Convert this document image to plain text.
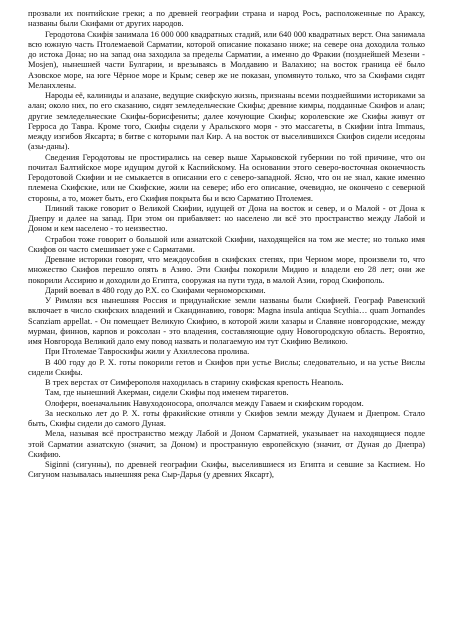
прозвали их понтийские греки; а по древней географии страна и народ Росъ, расположенные по Араксу, названы были Скифами от других народов.

Геродотова Скифія занимала 16 000 000 квадратных стадий, или 640 000 квадратных верст. Она занимала всю южную часть Птолемаевой Сарматии, которой описание показано ниже; на севере она доходила только до истока Дона; но на запад она заходила за пределы Сарматии, а именно до Фракии (позднейшей Мезени - Mosjen), нынешней части Булгарии, и врезываясь в Молдавию и Валахию; на восток граница её было Азовское море, на юге Чёрное море и Крым; север же не показан, упомянуто только, что за Скифами сидят Меланхлены.

Народы её, калиниды и алазане, ведущие скифскую жизнь, признаны всеми позднейшими историками за алан; около них, по его сказанию, сидят земледельческие Скифы; древние кимры, подданные Скифов и алан; другие земледельческие Скифы-борисфениты; далее кочующие Скифы; королевские же Скифы живут от Герроса до Тавра. Кроме того, Скифы сидели у Аральского моря - это массагеты, в Скифии intra Immaus, между изгибов Яксарта; в битве с которыми пал Кир. А на восток от выселившихся Скифов сидели иседоны (азы-даны).

Сведения Геродотовы не простирались на север выше Харьковской губернии по той причине, что он почитал Балтийское море идущим дугой к Каспийскому. На основании этого северо-восточная оконечность Геродотовой Скифии и не смыкается в описании его с северо-западной. Ясно, что он не знал, какие именно племена Скифские, или не Скифские, жили на севере; ибо его описание, очевидно, не окончено с северной стороны, а то, может быть, его Скифия покрыта бы и всю Сарматию Птолемея.

Плиний также говорит о Великой Скифии, идущей от Дона на восток и север, и о Малой - от Дона к Днепру и далее на запад. При этом он прибавляет: но населено ли всё это пространство между Лабой и Доном и кем населено - то неизвестно.

Страбон тоже говорит о большой или азиатской Скифии, находящейся на том же месте; но только имя Скифов он часто смешивает уже с Сарматами.

Древние историки говорят, что междоусобия в скифских степях, при Черном море, произвели то, что множество Скифов перешло опять в Азию. Эти Скифы покорили Мидию и владели ею 28 лет; они же покорили Ассирию и доходили до Египта, сооружая на пути туда, в малой Азии, город Скифополь.

Дарий воевал в 480 году до Р.Х. со Скифами черноморскими.

У Римлян вся нынешняя Россия и придунайские земли названы были Скифией. Географ Равенский включает в число скифских владений и Скандинавию, говоря: Magna insula antiqua Scythia… quam Jornandes Scanziam appellat. - Он помещает Великую Скифию, в которой жили хазары и Славяне новгородские, между мурман, финнов, карпов и роксолан - это владения, составляющие одну Новогородскую область. Вероятно, имя Новгорода Великий дало ему повод назвать и полагаемую им тут Скифию Великою.

При Птолемае Тавроскифы жили у Ахиллесова пролива.

В 400 году до Р. Х. готы покорили гетов и Скифов при устье Вислы; следовательно, и на устье Вислы сидели Скифы.

В трех верстах от Симферополя находилась в старину скифская крепость Неаполь.

Там, где нынешний Акерман, сидели Скифы под именем тирагетов.

Олоферн, военачальник Навуходоносора, ополчался между Гаваем и скифским городом.

За несколько лет до Р. Х. готы фракийские отняли у Скифов земли между Дунаем и Днепром. Стало быть, Скифы сидели до самого Дуная.

Мела, называя всё пространство между Лабой и Доном Сарматией, указывает на находящиеся подле этой Сарматии азиатскую (значит, за Доном) и пространную европейскую (значит, от Дуная до Днепра) Скифию.

Siginni (сигунны), по древней географии Скифы, выселившиеся из Египта и севшие за Каспием. Но Сигуном называлась нынешняя река Сыр-Дарья (у древних Яксарт),
